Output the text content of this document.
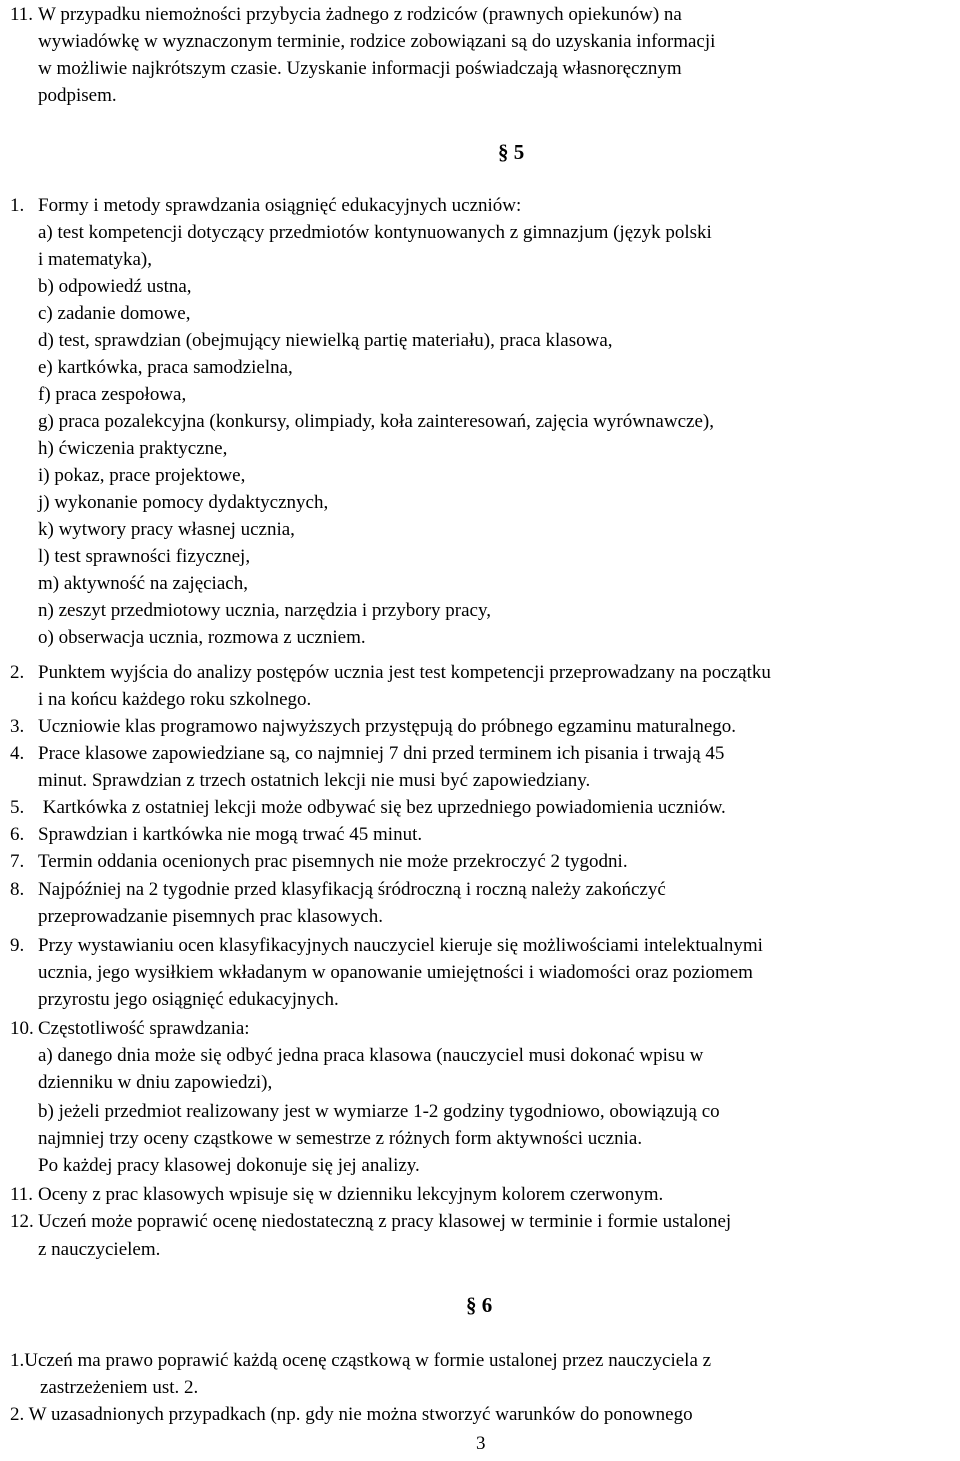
11. W przypadku niemożności przybycia żadnego z rodziców (prawnych opiekunów) na
wywiadówkę w wyznaczonym terminie, rodzice zobowiązani są do uzyskania informacji
w możliwie najkrótszym czasie. Uzyskanie informacji poświadczają własnoręcznym
podpisem.
§ 5
1. Formy i metody sprawdzania osiągnięć edukacyjnych uczniów:
a) test kompetencji dotyczący przedmiotów kontynuowanych z gimnazjum (język polski
i matematyka),
b) odpowiedź ustna,
c) zadanie domowe,
d) test, sprawdzian (obejmujący niewielką partię materiału), praca klasowa,
e) kartkówka, praca samodzielna,
f) praca zespołowa,
g) praca pozalekcyjna (konkursy, olimpiady, koła zainteresowań, zajęcia wyrównawcze),
h) ćwiczenia praktyczne,
i) pokaz, prace projektowe,
j) wykonanie pomocy dydaktycznych,
k) wytwory pracy własnej ucznia,
l) test sprawności fizycznej,
m) aktywność na zajęciach,
n) zeszyt przedmiotowy ucznia, narzędzia i przybory pracy,
o) obserwacja ucznia, rozmowa z uczniem.
2. Punktem wyjścia do analizy postępów ucznia jest test kompetencji przeprowadzany na początku
i na końcu każdego roku szkolnego.
3. Uczniowie klas programowo najwyższych przystępują do próbnego egzaminu maturalnego.
4. Prace klasowe zapowiedziane są, co najmniej 7 dni przed terminem ich pisania i trwają 45
minut. Sprawdzian z trzech ostatnich lekcji nie musi być zapowiedziany.
5. Kartkówka z ostatniej lekcji może odbywać się bez uprzedniego powiadomienia uczniów.
6. Sprawdzian i kartkówka nie mogą trwać 45 minut.
7. Termin oddania ocenionych prac pisemnych nie może przekroczyć 2 tygodni.
8. Najpóźniej na 2 tygodnie przed klasyfikacją śródroczną i roczną należy zakończyć
przeprowadzanie pisemnych prac klasowych.
9. Przy wystawianiu ocen klasyfikacyjnych nauczyciel kieruje się możliwościami intelektualnymi
ucznia, jego wysiłkiem wkładanym w opanowanie umiejętności i wiadomości oraz poziomem
przyrostu jego osiągnięć edukacyjnych.
10. Częstotliwość sprawdzania:
a) danego dnia może się odbyć jedna praca klasowa (nauczyciel musi dokonać wpisu w
dzienniku w dniu zapowiedzi),
b) jeżeli przedmiot realizowany jest w wymiarze 1-2 godziny tygodniowo, obowiązują co
najmniej trzy oceny cząstkowe w semestrze z różnych form aktywności ucznia.
Po każdej pracy klasowej dokonuje się jej analizy.
11. Oceny z prac klasowych wpisuje się w dzienniku lekcyjnym kolorem czerwonym.
12. Uczeń może poprawić ocenę niedostateczną z pracy klasowej w terminie i formie ustalonej
z nauczycielem.
§ 6
1.Uczeń ma prawo poprawić każdą ocenę cząstkową w formie ustalonej przez nauczyciela z
zastrzeżeniem ust. 2.
2. W uzasadnionych przypadkach (np. gdy nie można stworzyć warunków do ponownego
3
